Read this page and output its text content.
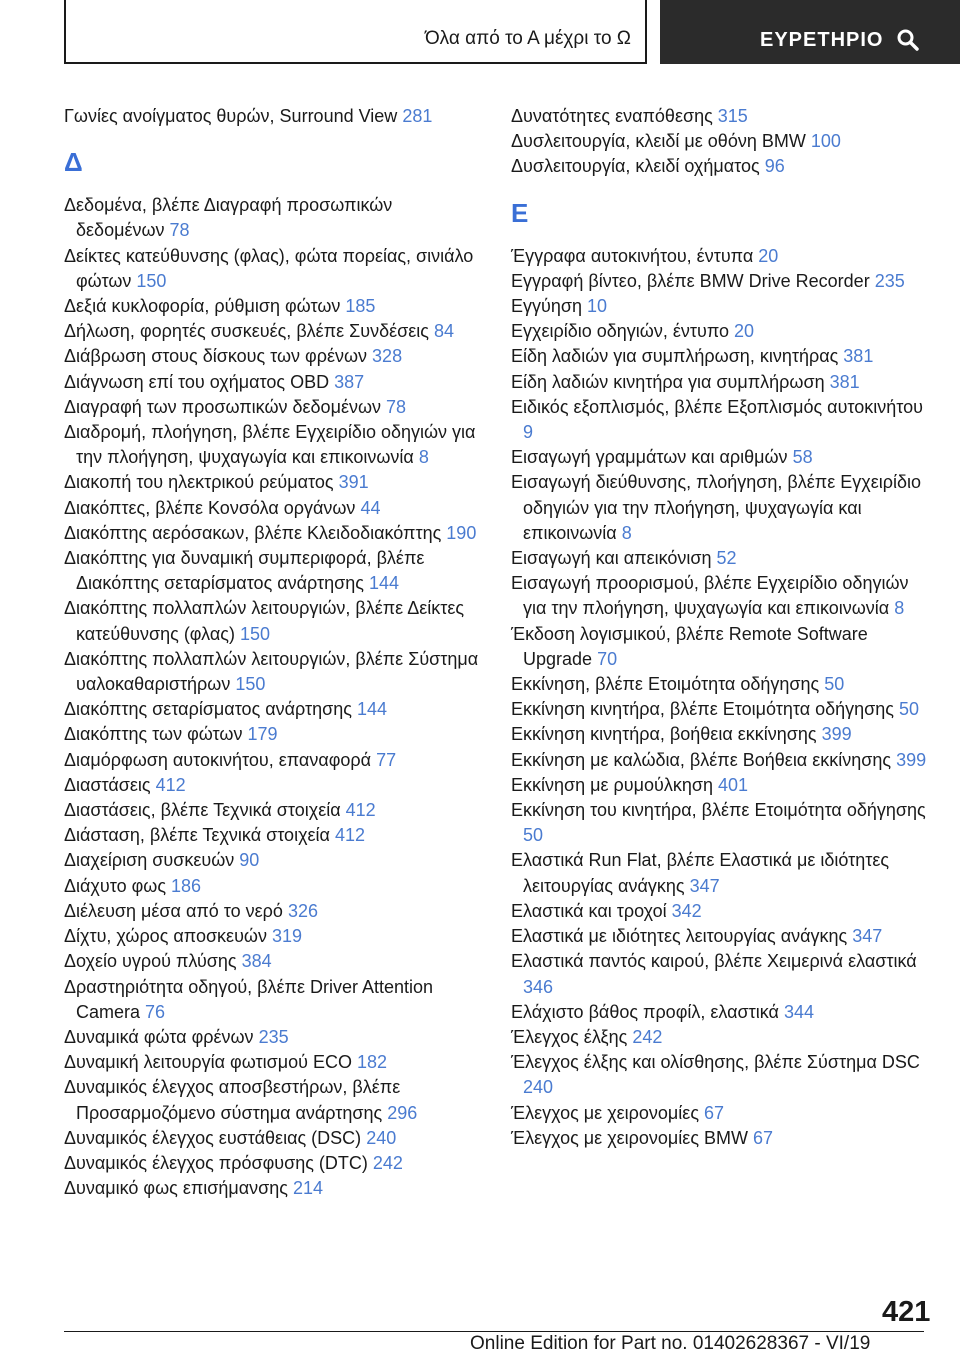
Όλα από το Α μέχρι το Ω	ΕΥΡΕΤΗΡΙΟ

Γωνίες ανοίγματος θυρών, Surround View 281

Δ

Δεδομένα, βλέπε Διαγραφή προσωπικών δεδομένων 78

Δείκτες κατεύθυνσης (φλας), φώτα πορείας, σινιάλο φώτων 150

Δεξιά κυκλοφορία, ρύθμιση φώτων 185

Δήλωση, φορητές συσκευές, βλέπε Συνδέσεις 84

Διάβρωση στους δίσκους των φρένων 328

Διάγνωση επί του οχήματος OBD 387

Διαγραφή των προσωπικών δεδομένων 78

Διαδρομή, πλοήγηση, βλέπε Εγχειρίδιο οδηγιών για την πλοήγηση, ψυχαγωγία και επικοινωνία 8

Διακοπή του ηλεκτρικού ρεύματος 391

Διακόπτες, βλέπε Κονσόλα οργάνων 44

Διακόπτης αερόσακων, βλέπε Κλειδοδιακόπτης 190

Διακόπτης για δυναμική συμπεριφορά, βλέπε Διακόπτης σεταρίσματος ανάρτησης 144

Διακόπτης πολλαπλών λειτουργιών, βλέπε Δείκτες κατεύθυνσης (φλας) 150

Διακόπτης πολλαπλών λειτουργιών, βλέπε Σύστημα υαλοκαθαριστήρων 150

Διακόπτης σεταρίσματος ανάρτησης 144

Διακόπτης των φώτων 179

Διαμόρφωση αυτοκινήτου, επαναφορά 77

Διαστάσεις 412

Διαστάσεις, βλέπε Τεχνικά στοιχεία 412

Διάσταση, βλέπε Τεχνικά στοιχεία 412

Διαχείριση συσκευών 90

Διάχυτο φως 186

Διέλευση μέσα από το νερό 326

Δίχτυ, χώρος αποσκευών 319

Δοχείο υγρού πλύσης 384

Δραστηριότητα οδηγού, βλέπε Driver Attention Camera 76

Δυναμικά φώτα φρένων 235

Δυναμική λειτουργία φωτισμού ECO 182

Δυναμικός έλεγχος αποσβεστήρων, βλέπε Προσαρμοζόμενο σύστημα ανάρτησης 296

Δυναμικός έλεγχος ευστάθειας (DSC) 240

Δυναμικός έλεγχος πρόσφυσης (DTC) 242

Δυναμικό φως επισήμανσης 214

Δυνατότητες εναπόθεσης 315

Δυσλειτουργία, κλειδί με οθόνη BMW 100

Δυσλειτουργία, κλειδί οχήματος 96

Ε

Έγγραφα αυτοκινήτου, έντυπα 20

Εγγραφή βίντεο, βλέπε BMW Drive Recorder 235

Εγγύηση 10

Εγχειρίδιο οδηγιών, έντυπο 20

Είδη λαδιών για συμπλήρωση, κινητήρας 381

Είδη λαδιών κινητήρα για συμπλήρωση 381

Ειδικός εξοπλισμός, βλέπε Εξοπλισμός αυτοκινήτου9

Εισαγωγή γραμμάτων και αριθμών 58

Εισαγωγή διεύθυνσης, πλοήγηση, βλέπε Εγχειρίδιο οδηγιών για την πλοήγηση, ψυχαγωγία και επικοινωνία 8

Εισαγωγή και απεικόνιση 52

Εισαγωγή προορισμού, βλέπε Εγχειρίδιο οδηγιών για την πλοήγηση, ψυχαγωγία και επικοινωνία 8

Έκδοση λογισμικού, βλέπε Remote Software Upgrade 70

Εκκίνηση, βλέπε Ετοιμότητα οδήγησης 50

Εκκίνηση κινητήρα, βλέπε Ετοιμότητα οδήγησης 50

Εκκίνηση κινητήρα, βοήθεια εκκίνησης 399

Εκκίνηση με καλώδια, βλέπε Βοήθεια εκκίνησης 399

Εκκίνηση με ρυμούλκηση 401

Εκκίνηση του κινητήρα, βλέπε Ετοιμότητα οδήγησης50

Ελαστικά Run Flat, βλέπε Ελαστικά με ιδιότητες λειτουργίας ανάγκης 347

Ελαστικά και τροχοί 342

Ελαστικά με ιδιότητες λειτουργίας ανάγκης 347

Ελαστικά παντός καιρού, βλέπε Χειμερινά ελαστικά346

Ελάχιστο βάθος προφίλ, ελαστικά 344

Έλεγχος έλξης 242

Έλεγχος έλξης και ολίσθησης, βλέπε Σύστημα DSC240

Έλεγχος με χειρονομίες 67

Έλεγχος με χειρονομίες BMW 67

421
Online Edition for Part no. 01402628367 - VI/19
